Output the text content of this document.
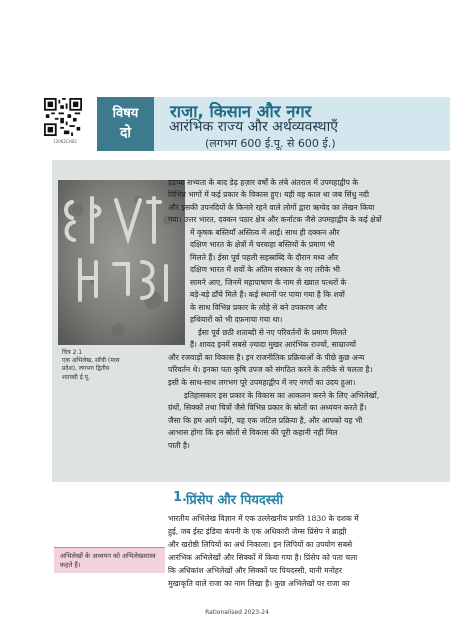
12062CH02
विषय
दो
राजा, किसान और नगर
आरंभिक राज्य और अर्थव्यवस्थाएँ
(लगभग 600 ई.पू. से 600 ई.)
चित्र 2.1
एक अभिलेख, साँची (मध्य
प्रदेश), लगभग द्वितीय
शताब्दी ई.पू.
हड़प्पा सभ्यता के बाद डेढ़ हज़ार वर्षों के लंबे अंतराल में उपमहाद्वीप के
विभिन्न भागों में कई प्रकार के विकास हुए। यही वह काल था जब सिंधु नदी
और इसकी उपनदियों के किनारे रहने वाले लोगों द्वारा ऋग्वेद का लेखन किया
गया। उत्तर भारत, दक्कन पठार क्षेत्र और कर्नाटक जैसे उपमहाद्वीप के कई क्षेत्रों
में कृषक बस्तियाँ अस्तित्व में आईं। साथ ही दक्कन और
दक्षिण भारत के क्षेत्रों में चरवाहा बस्तियों के प्रमाण भी
मिलते हैं। ईसा पूर्व पहली सहस्राब्दि के दौरान मध्य और
दक्षिण भारत में शवों के अंतिम संस्कार के नए तरीके भी
सामने आए, जिनमें महापाषाण के नाम से ख्यात पत्थरों के
बड़े-बड़े ढाँचे मिले हैं। कई स्थानों पर पाया गया है कि शवों
के साथ विभिन्न प्रकार के लोहे से बने उपकरण और
हथियारों को भी दफ़नाया गया था।
ईसा पूर्व छठी शताब्दी से नए परिवर्तनों के प्रमाण मिलते
हैं। शायद इनमें सबसे ज़्यादा मुखर आरंभिक राज्यों, साम्राज्यों
और रजवाड़ों का विकास है। इन राजनीतिक प्रक्रियाओं के पीछे कुछ अन्य
परिवर्तन थे। इनका पता कृषि उपज को संगठित करने के तरीके से चलता है।
इसी के साथ-साथ लगभग पूरे उपमहाद्वीप में नए नगरों का उदय हुआ।
इतिहासकार इस प्रकार के विकास का आकलन करने के लिए अभिलेखों,
ग्रंथों, सिक्कों तथा चित्रों जैसे विभिन्न प्रकार के स्रोतों का अध्ययन करते हैं।
जैसा कि हम आगे पढ़ेंगे, यह एक जटिल प्रक्रिया है, और आपको यह भी
आभास होगा कि इन स्रोतों से विकास की पूरी कहानी नहीं मिल
पाती है।
1. प्रिंसेप और पियदस्सी
भारतीय अभिलेख विज्ञान में एक उल्लेखनीय प्रगति 1830 के दशक में
हुई, जब ईस्ट इंडिया कंपनी के एक अधिकारी जेम्स प्रिंसेप ने ब्राह्मी
और खरोष्ठी लिपियों का अर्थ निकाला। इन लिपियों का उपयोग सबसे
आरंभिक अभिलेखों और सिक्कों में किया गया है। प्रिंसेप को पता चला
कि अधिकांश अभिलेखों और सिक्कों पर पियदस्सी, यानी मनोहर
मुखाकृति वाले राजा का नाम लिखा है। कुछ अभिलेखों पर राजा का
अभिलेखों के अध्ययन को अभिलेखशास्त्र कहते हैं।
Rationalised 2023-24
